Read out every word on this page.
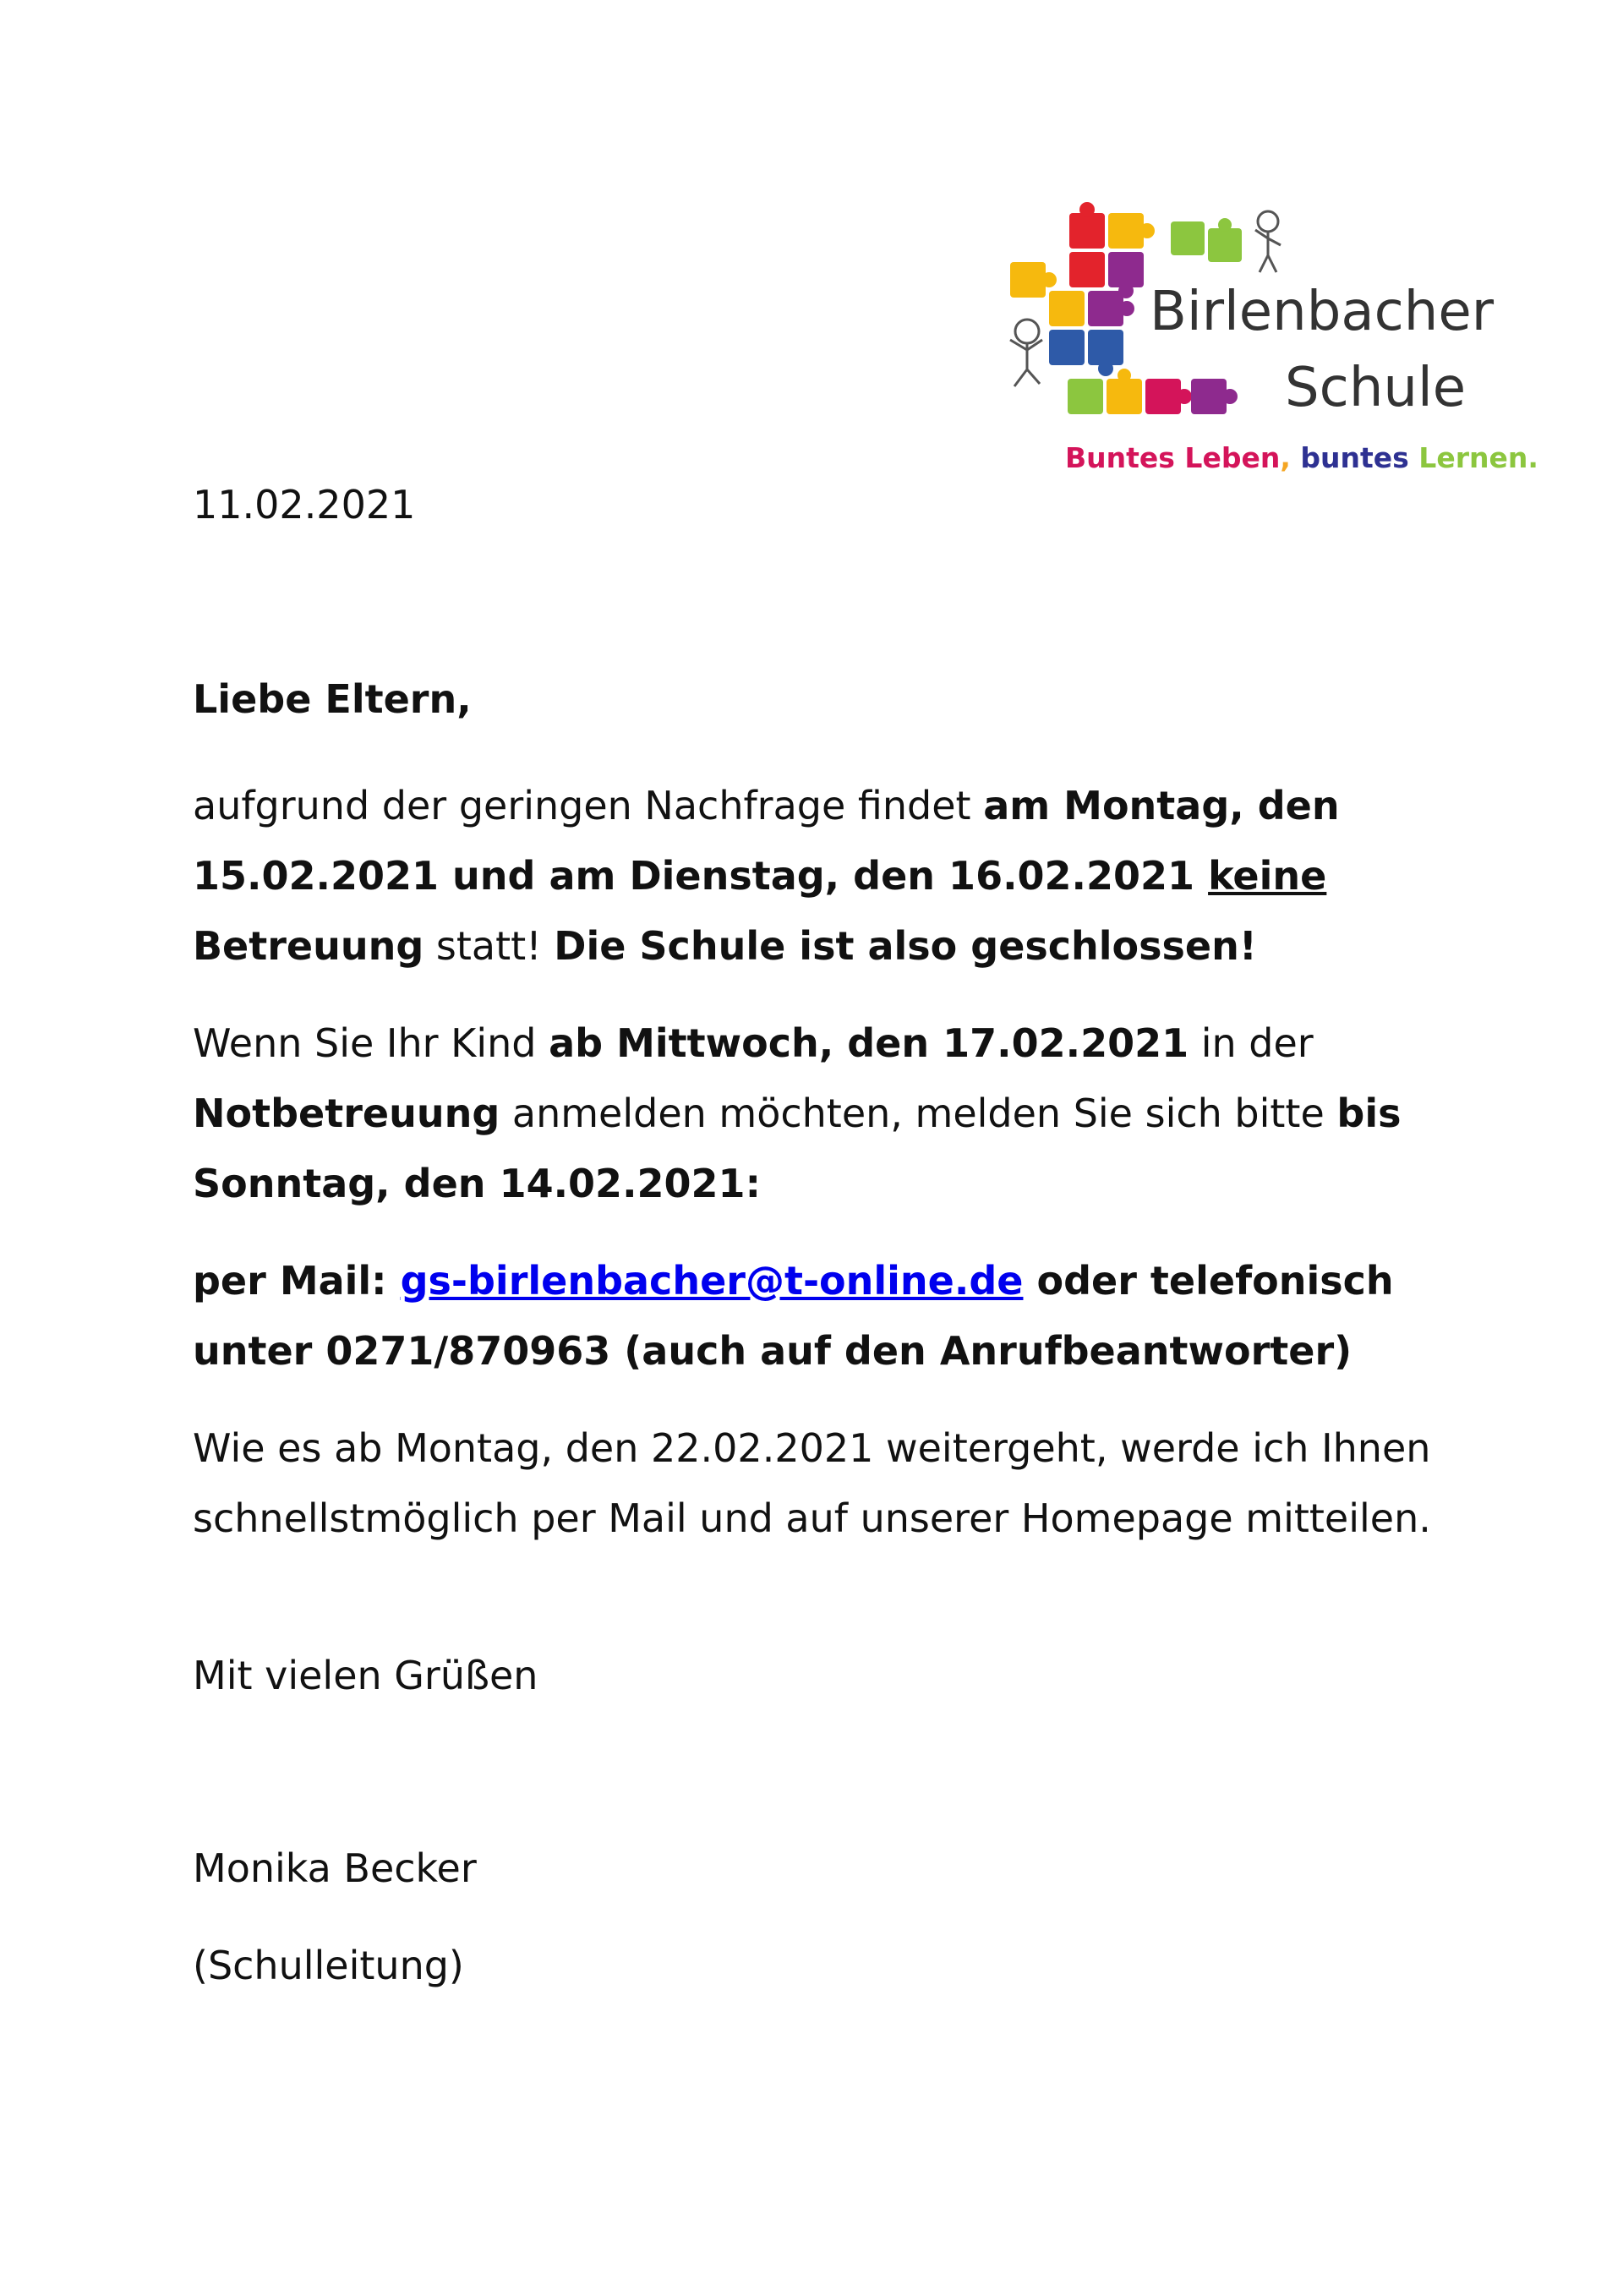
Birlenbacher
Schule
Buntes Leben, buntes Lernen.
11.02.2021
Liebe Eltern,
aufgrund der geringen Nachfrage findet am Montag, den 15.02.2021 und am Dienstag, den 16.02.2021 keine Betreuung statt! Die Schule ist also geschlossen!
Wenn Sie Ihr Kind ab Mittwoch, den 17.02.2021 in der Notbetreuung anmelden möchten, melden Sie sich bitte bis Sonntag, den 14.02.2021:
per Mail: gs-birlenbacher@t-online.de oder telefonisch unter 0271/870963 (auch auf den Anrufbeantworter)
Wie es ab Montag, den 22.02.2021 weitergeht, werde ich Ihnen schnellstmöglich per Mail und auf unserer Homepage mitteilen.
Mit vielen Grüßen
Monika Becker
(Schulleitung)
